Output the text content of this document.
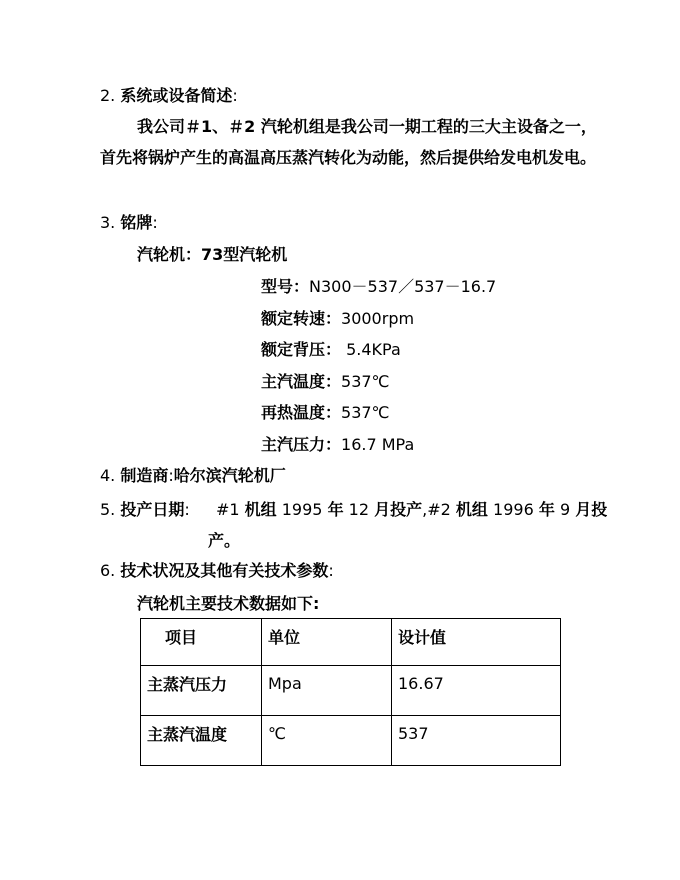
2. 系统或设备简述:
我公司＃1、＃2 汽轮机组是我公司一期工程的三大主设备之一，首先将锅炉产生的高温高压蒸汽转化为动能，然后提供给发电机发电。
3. 铭牌:
汽轮机：73型汽轮机
型号：N300－537／537－16.7
额定转速：3000rpm
额定背压： 5.4KPa
主汽温度：537℃
再热温度：537℃
主汽压力：16.7 MPa
4. 制造商:哈尔滨汽轮机厂
5. 投产日期: #1 机组 1995 年 12 月投产,#2 机组 1996 年 9 月投
产。
6. 技术状况及其他有关技术参数:
汽轮机主要技术数据如下:
项目	单位	设计值
主蒸汽压力	Mpa	16.67
主蒸汽温度	℃	537
